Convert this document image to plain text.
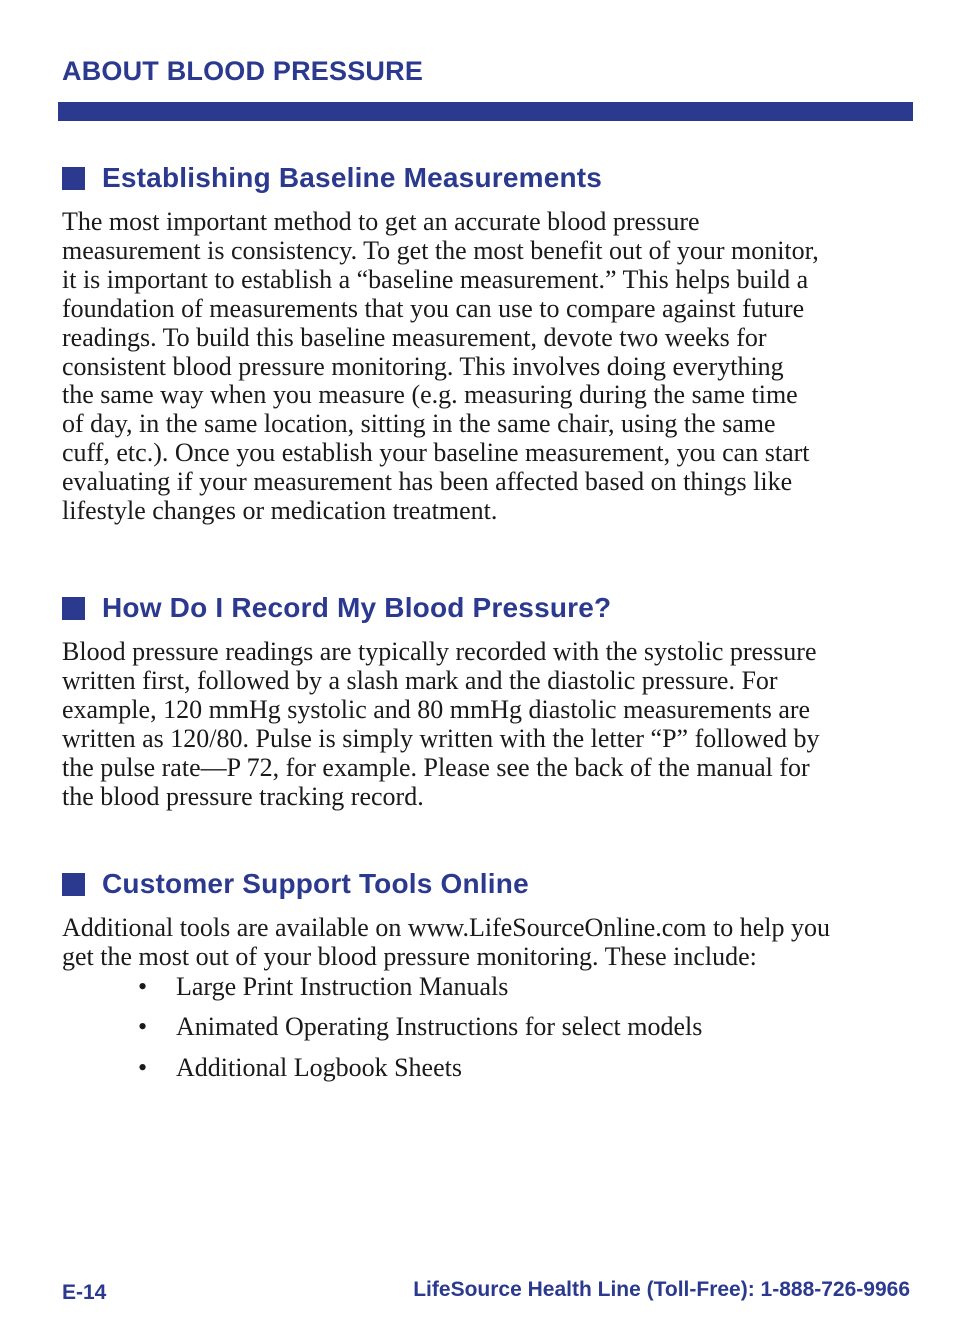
ABOUT BLOOD PRESSURE
Establishing Baseline Measurements

The most important method to get an accurate blood pressure
measurement is consistency. To get the most benefit out of your monitor,
it is important to establish a “baseline measurement.” This helps build a
foundation of measurements that you can use to compare against future
readings. To build this baseline measurement, devote two weeks for
consistent blood pressure monitoring. This involves doing everything
the same way when you measure (e.g. measuring during the same time
of day, in the same location, sitting in the same chair, using the same
cuff, etc.). Once you establish your baseline measurement, you can start
evaluating if your measurement has been affected based on things like
lifestyle changes or medication treatment.

How Do I Record My Blood Pressure?

Blood pressure readings are typically recorded with the systolic pressure
written first, followed by a slash mark and the diastolic pressure. For
example, 120 mmHg systolic and 80 mmHg diastolic measurements are
written as 120/80. Pulse is simply written with the letter “P” followed by
the pulse rate—P 72, for example. Please see the back of the manual for
the blood pressure tracking record.

Customer Support Tools Online

Additional tools are available on www.LifeSourceOnline.com to help you
get the most out of your blood pressure monitoring. These include:

•	Large Print Instruction Manuals
•	Animated Operating Instructions for select models
•	Additional Logbook Sheets
E-14	LifeSource Health Line (Toll-Free): 1-888-726-9966
